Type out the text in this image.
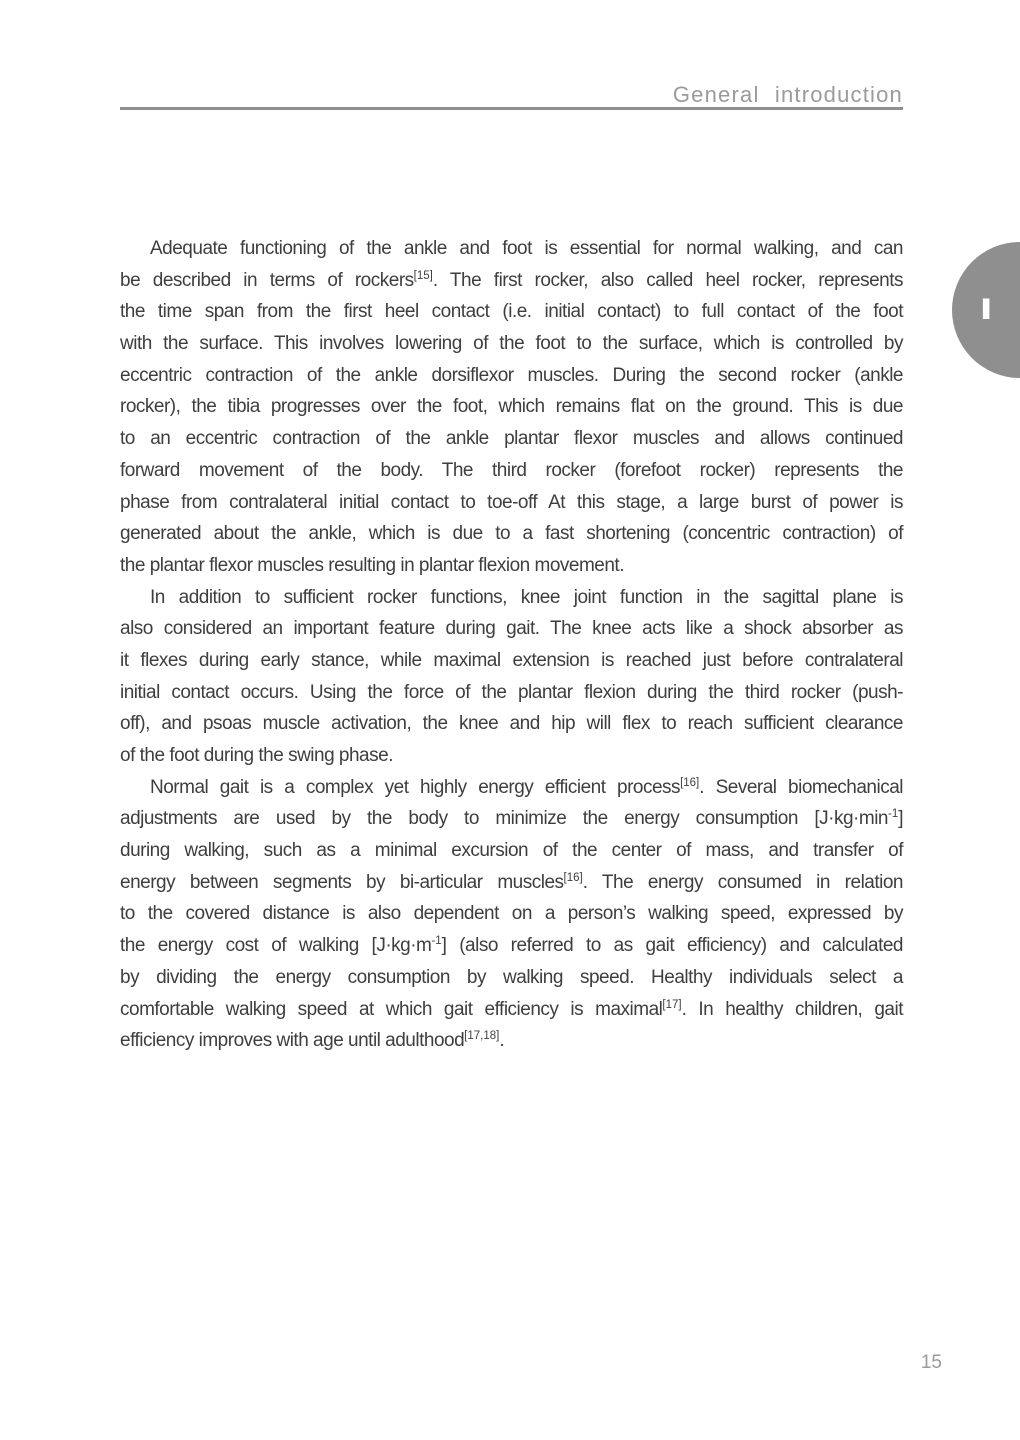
General introduction
I
Adequate functioning of the ankle and foot is essential for normal walking, and can
be described in terms of rockers[15]. The first rocker, also called heel rocker, represents
the time span from the first heel contact (i.e. initial contact) to full contact of the foot
with the surface. This involves lowering of the foot to the surface, which is controlled by
eccentric contraction of the ankle dorsiflexor muscles. During the second rocker (ankle
rocker), the tibia progresses over the foot, which remains flat on the ground. This is due
to an eccentric contraction of the ankle plantar flexor muscles and allows continued
forward movement of the body. The third rocker (forefoot rocker) represents the
phase from contralateral initial contact to toe-off At this stage, a large burst of power is
generated about the ankle, which is due to a fast shortening (concentric contraction) of
the plantar flexor muscles resulting in plantar flexion movement.
In addition to sufficient rocker functions, knee joint function in the sagittal plane is
also considered an important feature during gait. The knee acts like a shock absorber as
it flexes during early stance, while maximal extension is reached just before contralateral
initial contact occurs. Using the force of the plantar flexion during the third rocker (push-
off), and psoas muscle activation, the knee and hip will flex to reach sufficient clearance
of the foot during the swing phase.
Normal gait is a complex yet highly energy efficient process[16]. Several biomechanical
adjustments are used by the body to minimize the energy consumption $[J\cdot kg\cdot\min^{-1}]$
during walking, such as a minimal excursion of the center of mass, and transfer of
energy between segments by bi-articular muscles[16]. The energy consumed in relation
to the covered distance is also dependent on a person’s walking speed, expressed by
the energy cost of walking $[J\cdot kg\cdot m^{-1}]$ (also referred to as gait efficiency) and calculated
by dividing the energy consumption by walking speed. Healthy individuals select a
comfortable walking speed at which gait efficiency is maximal[17]. In healthy children, gait
efficiency improves with age until adulthood[17,18].
15
